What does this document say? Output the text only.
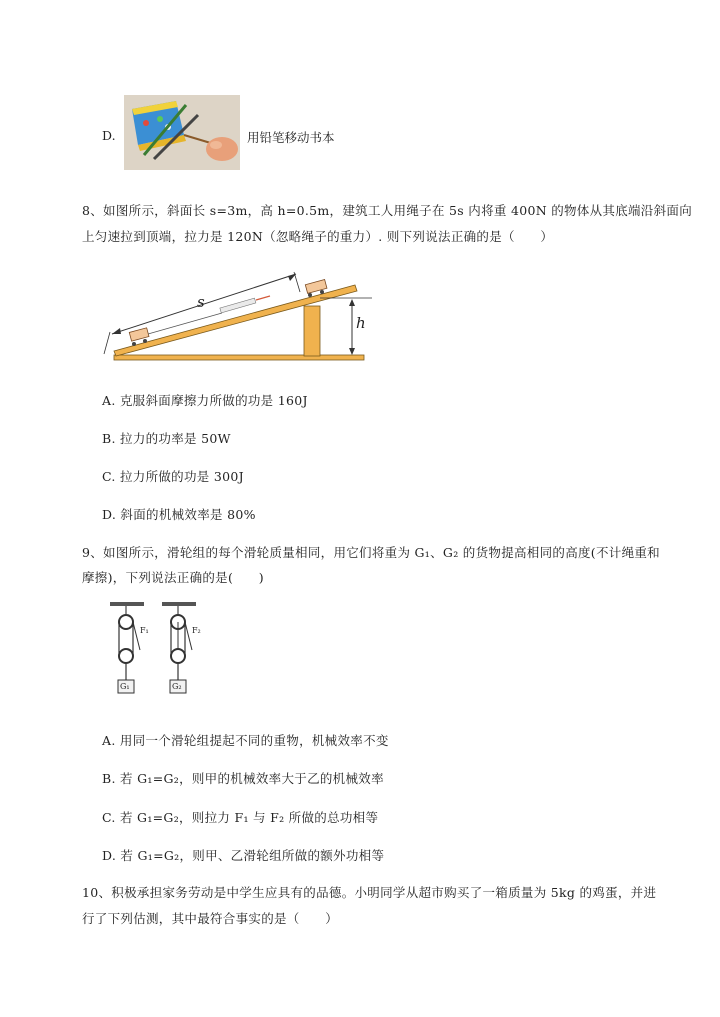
D.	用铅笔移动书本
8、如图所示，斜面长 s=3m，高 h=0.5m，建筑工人用绳子在 5s 内将重 400N 的物体从其底端沿斜面向
上匀速拉到顶端，拉力是 120N（忽略绳子的重力）. 则下列说法正确的是（　　）
s
h
A. 克服斜面摩擦力所做的功是 160J
B. 拉力的功率是 50W
C. 拉力所做的功是 300J
D. 斜面的机械效率是 80%
9、如图所示，滑轮组的每个滑轮质量相同，用它们将重为 G₁、G₂ 的货物提高相同的高度(不计绳重和
摩擦)，下列说法正确的是(　　)
F₁	F₂
G₁	G₂
A. 用同一个滑轮组提起不同的重物，机械效率不变
B. 若 G₁=G₂，则甲的机械效率大于乙的机械效率
C. 若 G₁=G₂，则拉力 F₁ 与 F₂ 所做的总功相等
D. 若 G₁=G₂，则甲、乙滑轮组所做的额外功相等
10、积极承担家务劳动是中学生应具有的品德。小明同学从超市购买了一箱质量为 5kg 的鸡蛋，并进
行了下列估测，其中最符合事实的是（　　）
